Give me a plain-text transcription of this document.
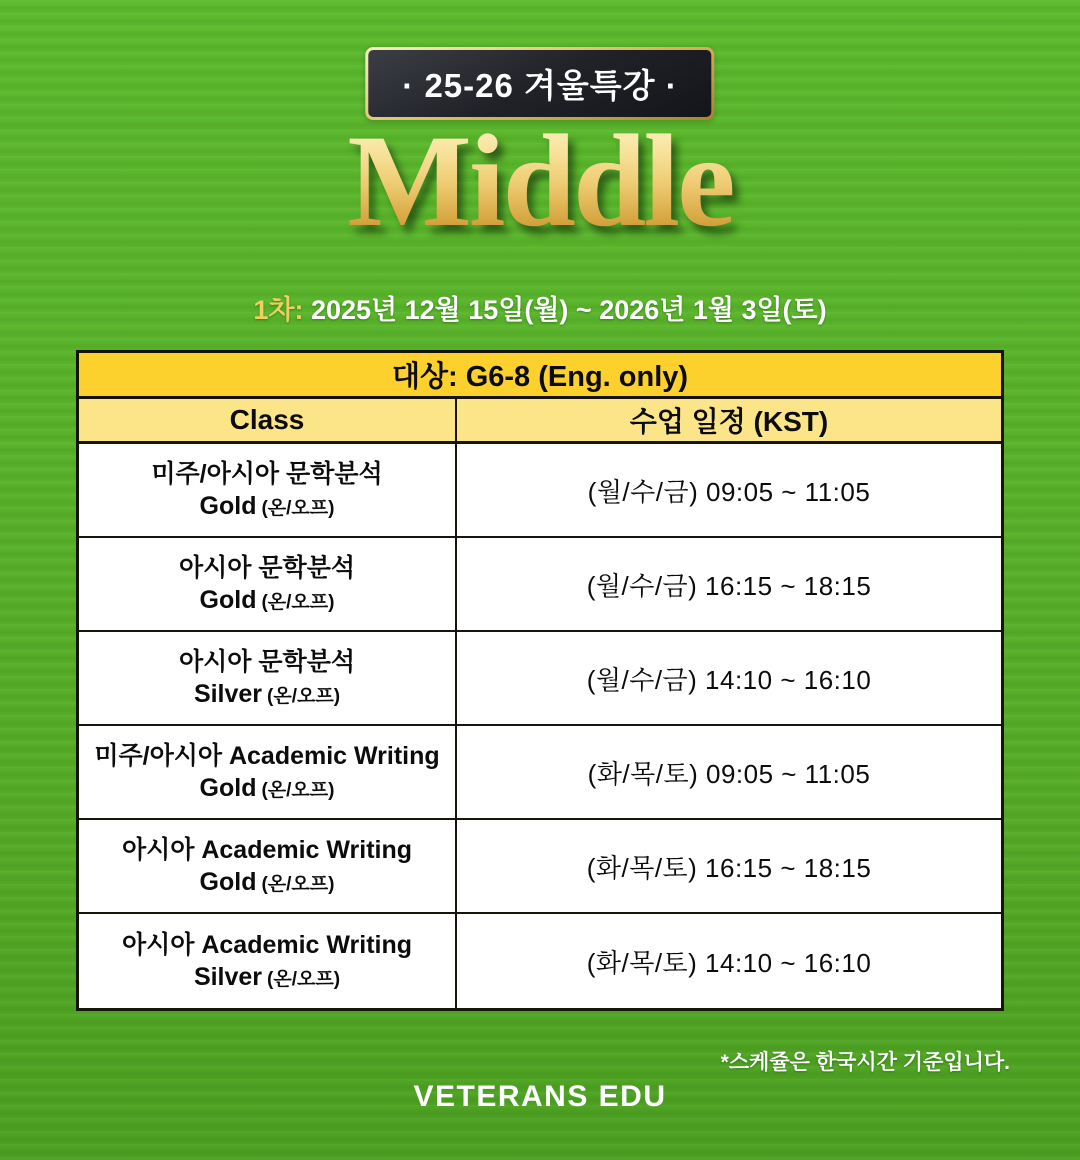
· 25-26 겨울특강 ·
Middle
1차: 2025년 12월 15일(월) ~ 2026년 1월 3일(토)
대상: G6-8 (Eng. only)
Class	수업 일정 (KST)
미주/아시아 문학분석
Gold (온/오프)
(월/수/금) 09:05 ~ 11:05
아시아 문학분석
Gold (온/오프)
(월/수/금) 16:15 ~ 18:15
아시아 문학분석
Silver (온/오프)
(월/수/금) 14:10 ~ 16:10
미주/아시아 Academic Writing
Gold (온/오프)
(화/목/토) 09:05 ~ 11:05
아시아 Academic Writing
Gold (온/오프)
(화/목/토) 16:15 ~ 18:15
아시아 Academic Writing
Silver (온/오프)
(화/목/토) 14:10 ~ 16:10
*스케쥴은 한국시간 기준입니다.
VETERANS EDU
